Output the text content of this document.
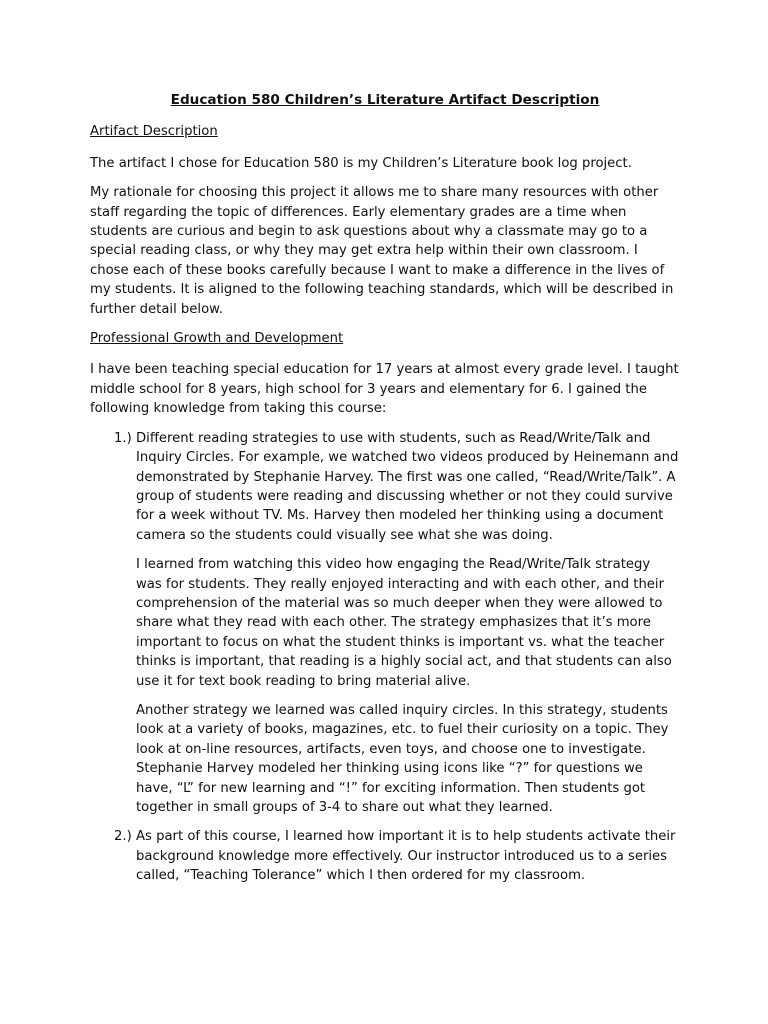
Education 580 Children’s Literature Artifact Description
Artifact Description

The artifact I chose for Education 580 is my Children’s Literature book log project.

My rationale for choosing this project it allows me to share many resources with other staff regarding the topic of differences. Early elementary grades are a time when students are curious and begin to ask questions about why a classmate may go to a special reading class, or why they may get extra help within their own classroom. I chose each of these books carefully because I want to make a difference in the lives of my students. It is aligned to the following teaching standards, which will be described in further detail below.

Professional Growth and Development

I have been teaching special education for 17 years at almost every grade level. I taught middle school for 8 years, high school for 3 years and elementary for 6. I gained the following knowledge from taking this course:

1.) Different reading strategies to use with students, such as Read/Write/Talk and Inquiry Circles. For example, we watched two videos produced by Heinemann and demonstrated by Stephanie Harvey. The first was one called, “Read/Write/Talk”. A group of students were reading and discussing whether or not they could survive for a week without TV. Ms. Harvey then modeled her thinking using a document camera so the students could visually see what she was doing.

I learned from watching this video how engaging the Read/Write/Talk strategy was for students. They really enjoyed interacting and with each other, and their comprehension of the material was so much deeper when they were allowed to share what they read with each other. The strategy emphasizes that it’s more important to focus on what the student thinks is important vs. what the teacher thinks is important, that reading is a highly social act, and that students can also use it for text book reading to bring material alive.

Another strategy we learned was called inquiry circles. In this strategy, students look at a variety of books, magazines, etc. to fuel their curiosity on a topic. They look at on-line resources, artifacts, even toys, and choose one to investigate. Stephanie Harvey modeled her thinking using icons like “?” for questions we have, “L” for new learning and “!” for exciting information. Then students got together in small groups of 3-4 to share out what they learned.

2.) As part of this course, I learned how important it is to help students activate their background knowledge more effectively. Our instructor introduced us to a series called, “Teaching Tolerance” which I then ordered for my classroom.
